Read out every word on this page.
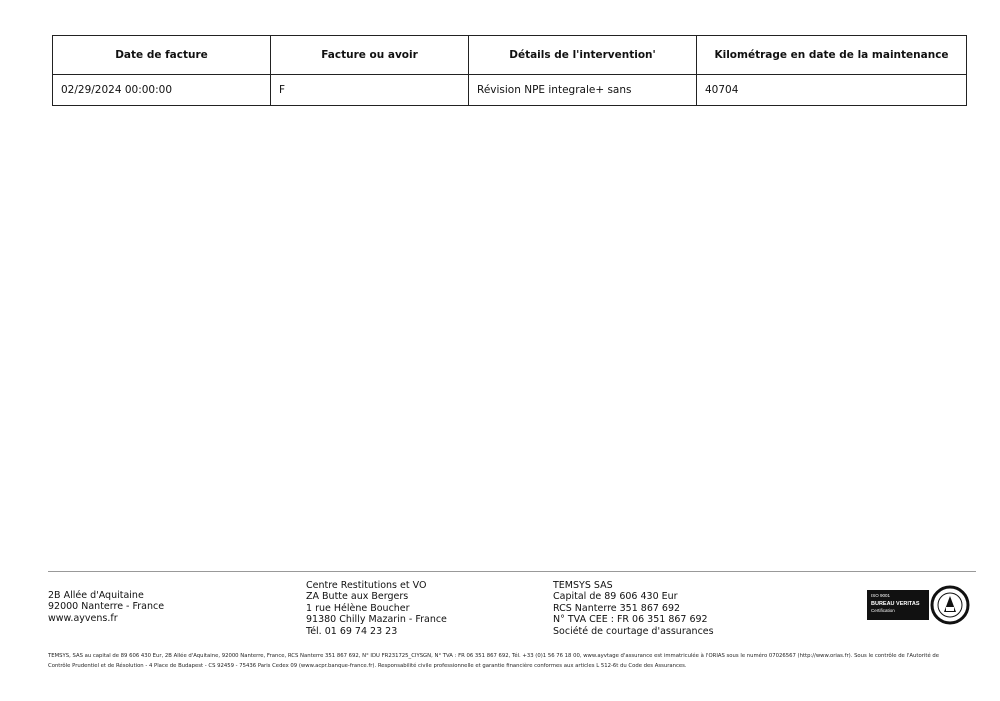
Date de facture	Facture ou avoir	Détails de l'intervention'	Kilométrage en date de la maintenance
02/29/2024 00:00:00	F	Révision NPE integrale+ sans	40704
2B Allée d'Aquitaine
92000 Nanterre - France
www.ayvens.fr
Centre Restitutions et VO
ZA Butte aux Bergers
1 rue Hélène Boucher
91380 Chilly Mazarin - France
Tél. 01 69 74 23 23
TEMSYS SAS
Capital de 89 606 430 Eur
RCS Nanterre 351 867 692
N° TVA CEE : FR 06 351 867 692
Société de courtage d'assurances
ISO 9001
BUREAU VERITAS
Certification
TEMSYS, SAS au capital de 89 606 430 Eur, 2B Allée d'Aquitaine, 92000 Nanterre, France, RCS Nanterre 351 867 692, N° IDU FR231725_CIYSGN, N° TVA : FR 06 351 867 692, Tél. +33 (0)1 56 76 18 00, www.ayvtage d'assurance est immatriculée à l'ORIAS sous le numéro 07026567 (http://www.orias.fr). Sous le contrôle de l'Autorité de
Contrôle Prudentiel et de Résolution - 4 Place de Budapest - CS 92459 - 75436 Paris Cedex 09 (www.acpr.banque-france.fr). Responsabilité civile professionnelle et garantie financière conformes aux articles L 512-6t du Code des Assurances.
